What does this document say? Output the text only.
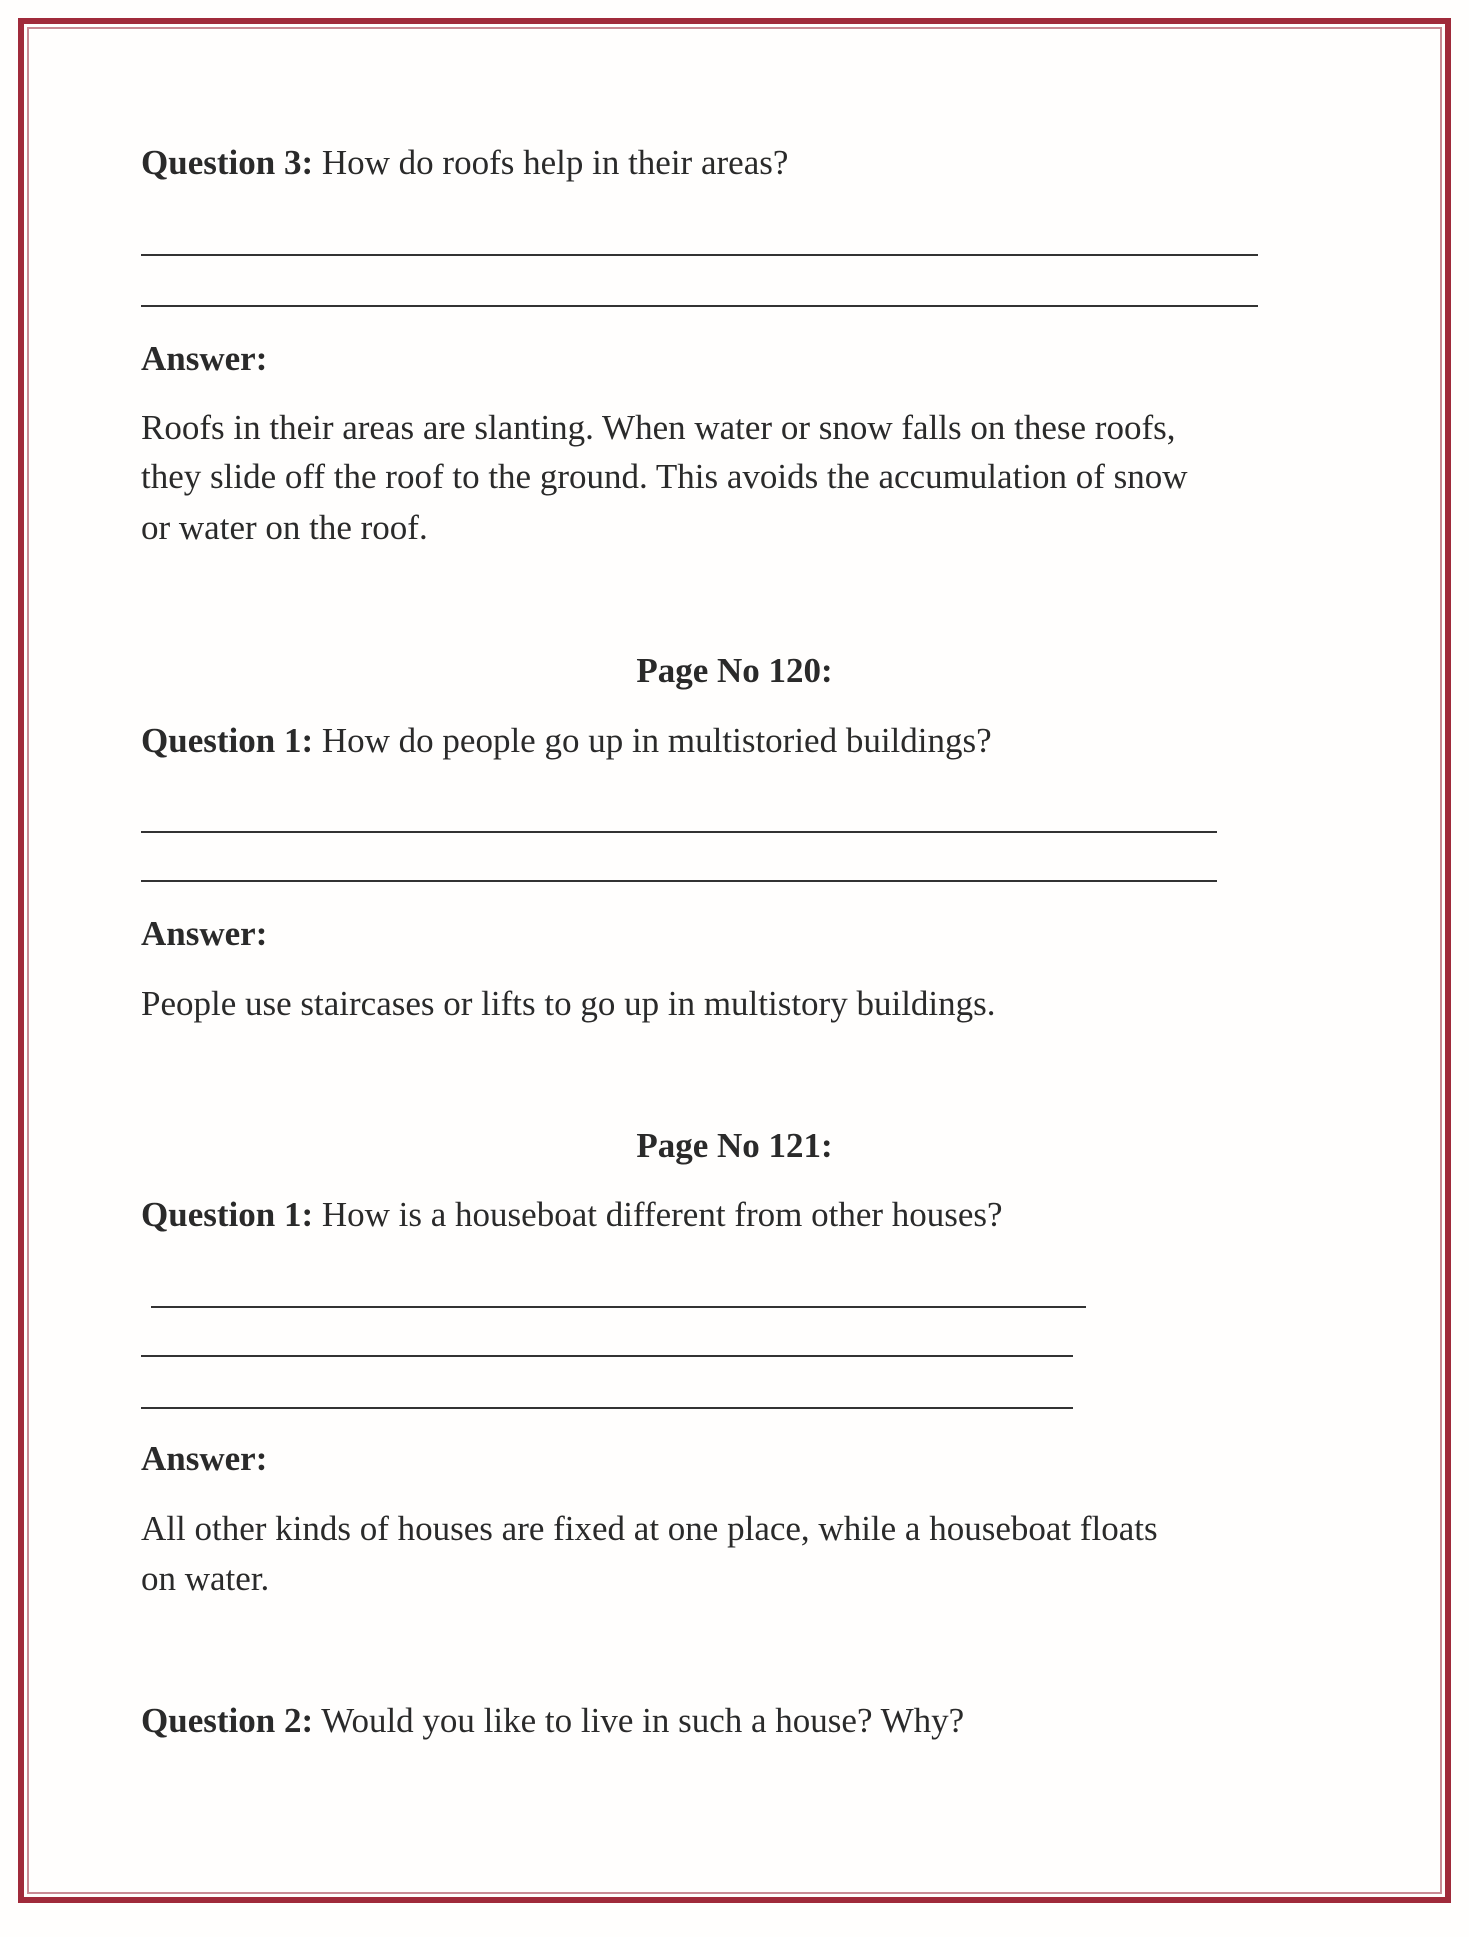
Question 3: How do roofs help in their areas?
Answer:
Roofs in their areas are slanting. When water or snow falls on these roofs,
they slide off the roof to the ground. This avoids the accumulation of snow
or water on the roof.
Page No 120:
Question 1: How do people go up in multistoried buildings?
Answer:
People use staircases or lifts to go up in multistory buildings.
Page No 121:
Question 1: How is a houseboat different from other houses?
Answer:
All other kinds of houses are fixed at one place, while a houseboat floats
on water.
Question 2: Would you like to live in such a house? Why?
